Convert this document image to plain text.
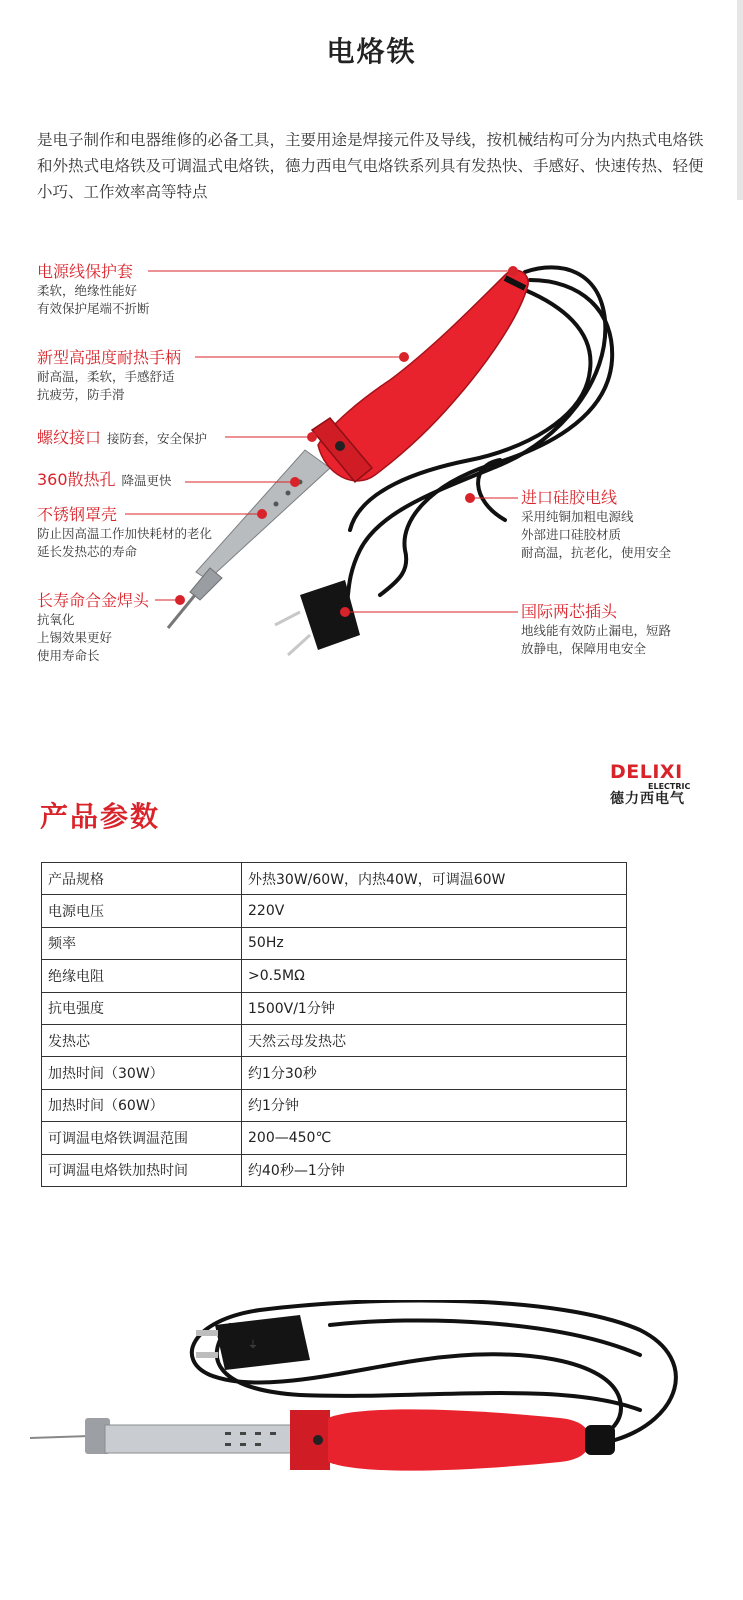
电烙铁

是电子制作和电器维修的必备工具，主要用途是焊接元件及导线，按机械结构可分为内热式电烙铁和外热式电烙铁及可调温式电烙铁，德力西电气电烙铁系列具有发热快、手感好、快速传热、轻便小巧、工作效率高等特点

电源线保护套
柔软，绝缘性能好
有效保护尾端不折断
新型高强度耐热手柄
耐高温，柔软，手感舒适
抗疲劳，防手滑
螺纹接口 接防套，安全保护
360散热孔 降温更快
不锈钢罩壳
防止因高温工作加快耗材的老化
延长发热芯的寿命
长寿命合金焊头
抗氧化
上锡效果更好
使用寿命长
进口硅胶电线
采用纯铜加粗电源线
外部进口硅胶材质
耐高温，抗老化，使用安全
国际两芯插头
地线能有效防止漏电，短路
放静电，保障用电安全
DELIXI
ELECTRIC
德力西电气
产品参数
产品规格	外热30W/60W，内热40W，可调温60W
电源电压	220V
频率	50Hz
绝缘电阻	>0.5MΩ
抗电强度	1500V/1分钟
发热芯	天然云母发热芯
加热时间（30W）	约1分30秒
加热时间（60W）	约1分钟
可调温电烙铁调温范围	200—450℃
可调温电烙铁加热时间	约40秒—1分钟
⏚
